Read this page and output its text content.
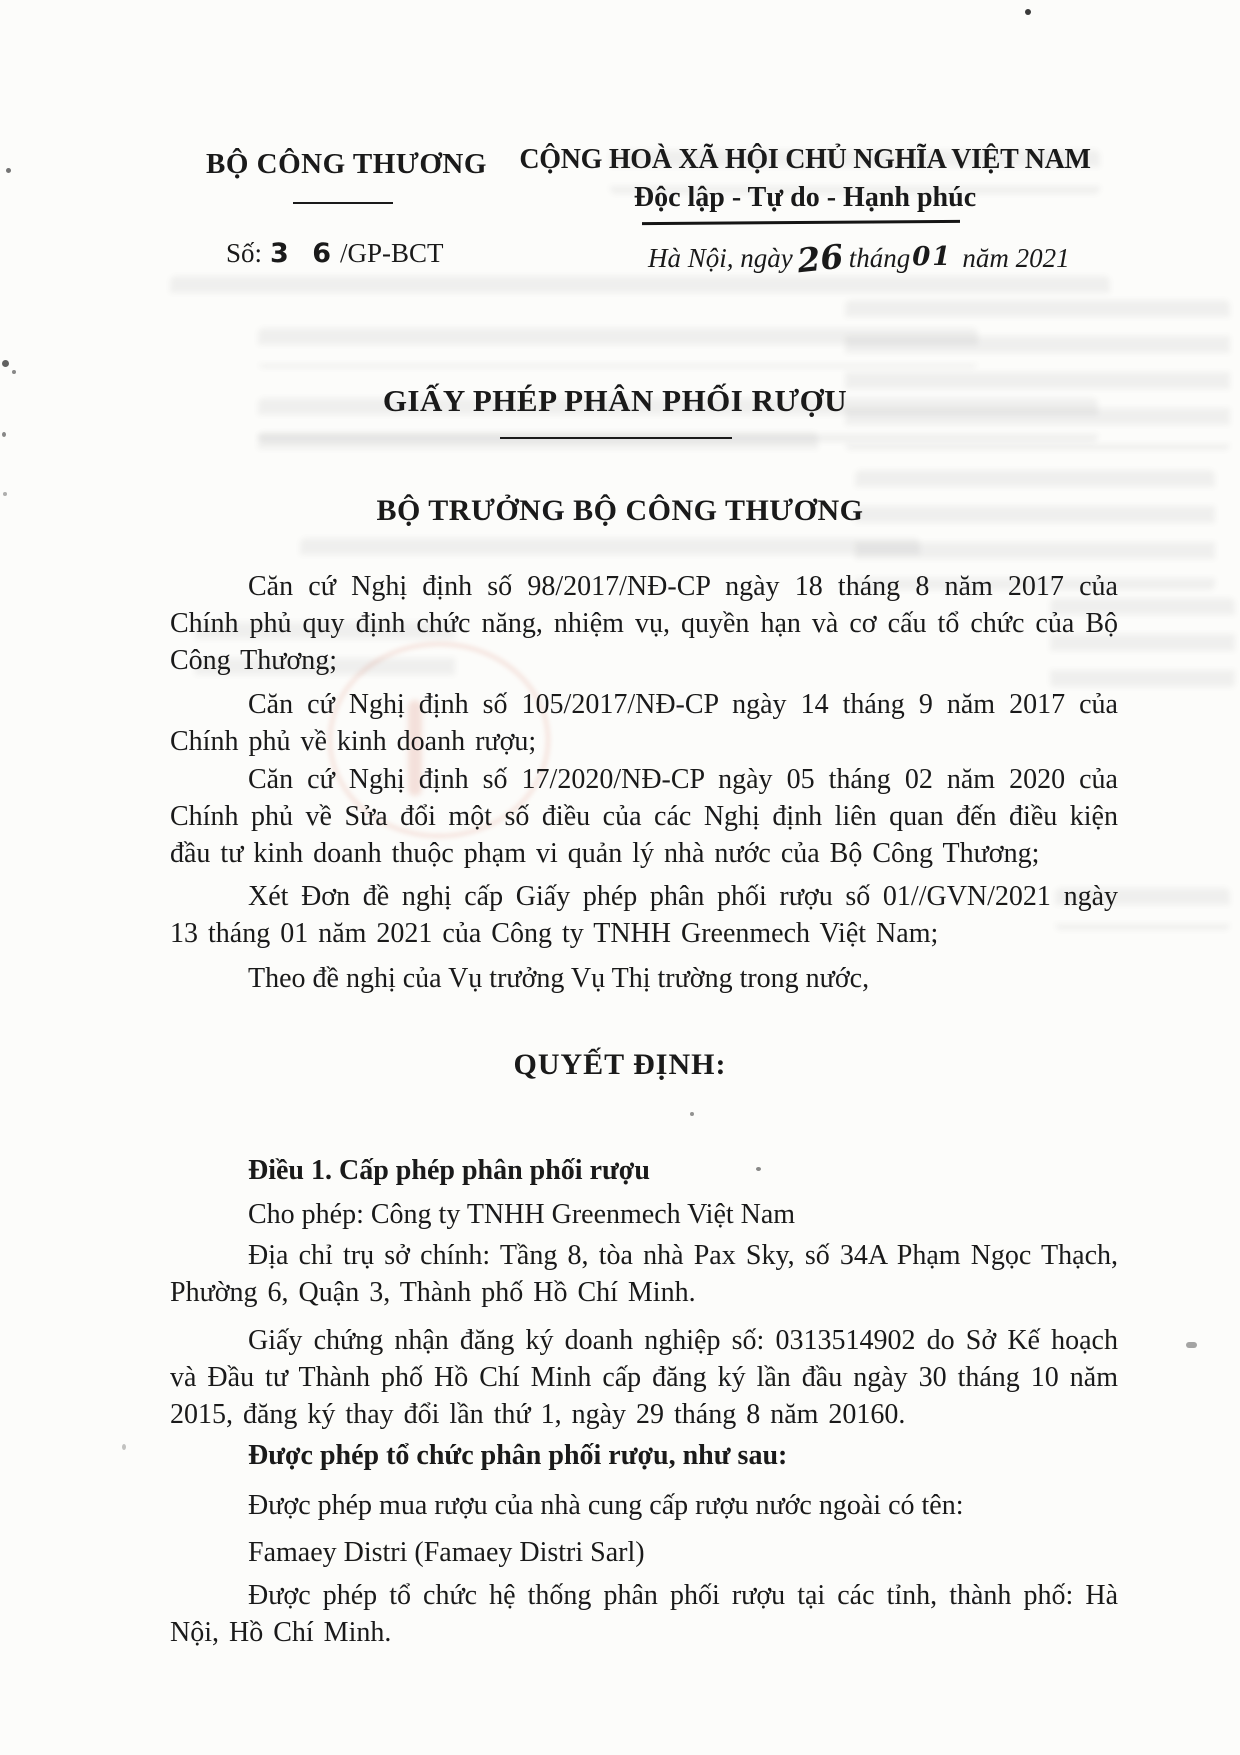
BỘ CÔNG THƯƠNG	CỘNG HOÀ XÃ HỘI CHỦ NGHĨA VIỆT NAM
Độc lập - Tự do - Hạnh phúc
Số: 3 6/GP-BCT	Hà Nội, ngày26 tháng01 năm 2021
GIẤY PHÉP PHÂN PHỐI RƯỢU
BỘ TRƯỞNG BỘ CÔNG THƯƠNG
Căn cứ Nghị định số 98/2017/NĐ-CP ngày 18 tháng 8 năm 2017 của Chính phủ quy định chức năng, nhiệm vụ, quyền hạn và cơ cấu tổ chức của Bộ Công Thương;
Căn cứ Nghị định số 105/2017/NĐ-CP ngày 14 tháng 9 năm 2017 của Chính phủ về kinh doanh rượu;
Căn cứ Nghị định số 17/2020/NĐ-CP ngày 05 tháng 02 năm 2020 của Chính phủ về Sửa đổi một số điều của các Nghị định liên quan đến điều kiện đầu tư kinh doanh thuộc phạm vi quản lý nhà nước của Bộ Công Thương;
Xét Đơn đề nghị cấp Giấy phép phân phối rượu số 01//GVN/2021 ngày 13 tháng 01 năm 2021 của Công ty TNHH Greenmech Việt Nam;
Theo đề nghị của Vụ trưởng Vụ Thị trường trong nước,
QUYẾT ĐỊNH:
Điều 1. Cấp phép phân phối rượu
Cho phép: Công ty TNHH Greenmech Việt Nam
Địa chỉ trụ sở chính: Tầng 8, tòa nhà Pax Sky, số 34A Phạm Ngọc Thạch, Phường 6, Quận 3, Thành phố Hồ Chí Minh.
Giấy chứng nhận đăng ký doanh nghiệp số: 0313514902 do Sở Kế hoạch và Đầu tư Thành phố Hồ Chí Minh cấp đăng ký lần đầu ngày 30 tháng 10 năm 2015, đăng ký thay đổi lần thứ 1, ngày 29 tháng 8 năm 20160.
Được phép tổ chức phân phối rượu, như sau:
Được phép mua rượu của nhà cung cấp rượu nước ngoài có tên:
Famaey Distri (Famaey Distri Sarl)
Được phép tổ chức hệ thống phân phối rượu tại các tỉnh, thành phố: Hà Nội, Hồ Chí Minh.
